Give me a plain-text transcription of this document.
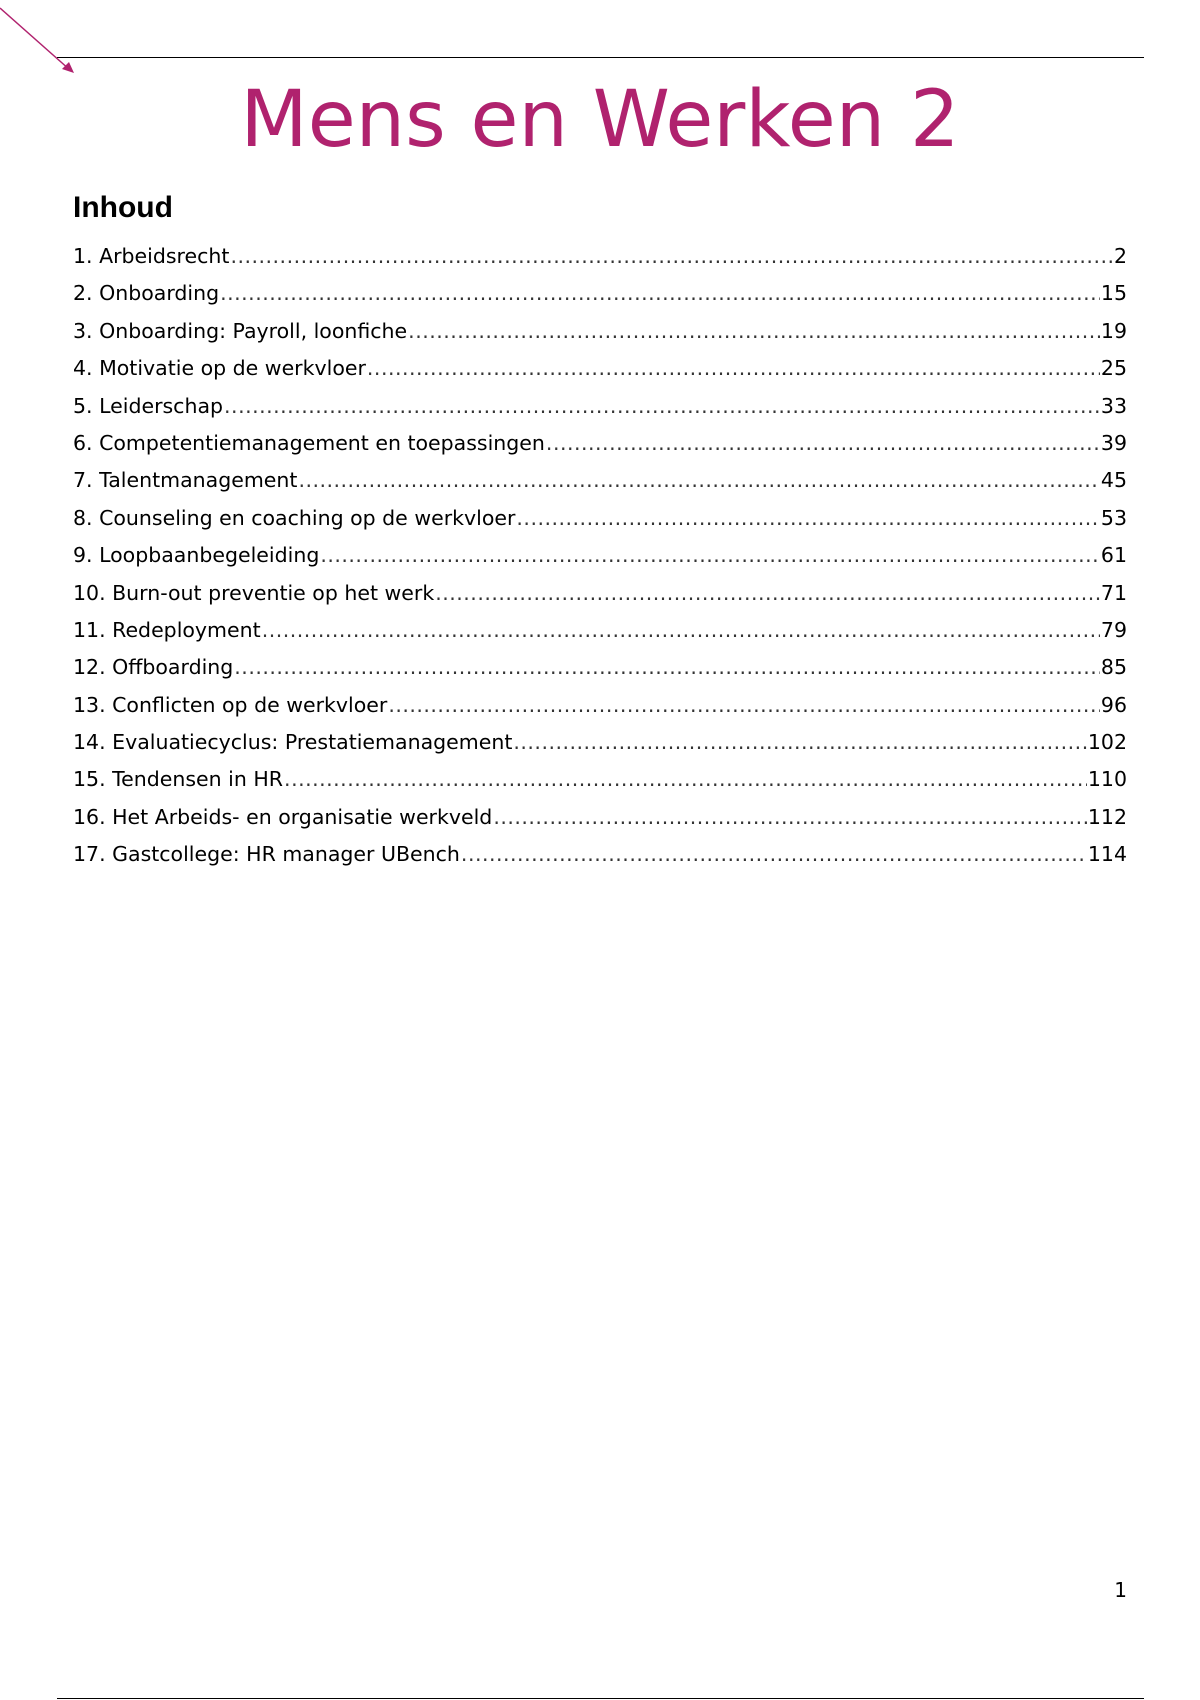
Mens en Werken 2
Inhoud
1. Arbeidsrecht .....	2
2. Onboarding .....	15
3. Onboarding: Payroll, loonfiche .....	19
4. Motivatie op de werkvloer .....	25
5. Leiderschap .....	33
6. Competentiemanagement en toepassingen .....	39
7. Talentmanagement .....	45
8. Counseling en coaching op de werkvloer .....	53
9. Loopbaanbegeleiding .....	61
10. Burn-out preventie op het werk .....	71
11. Redeployment .....	79
12. Offboarding .....	85
13. Conflicten op de werkvloer .....	96
14. Evaluatiecyclus: Prestatiemanagement .....	102
15. Tendensen in HR .....	110
16. Het Arbeids- en organisatie werkveld .....	112
17. Gastcollege: HR manager UBench .....	114
1
